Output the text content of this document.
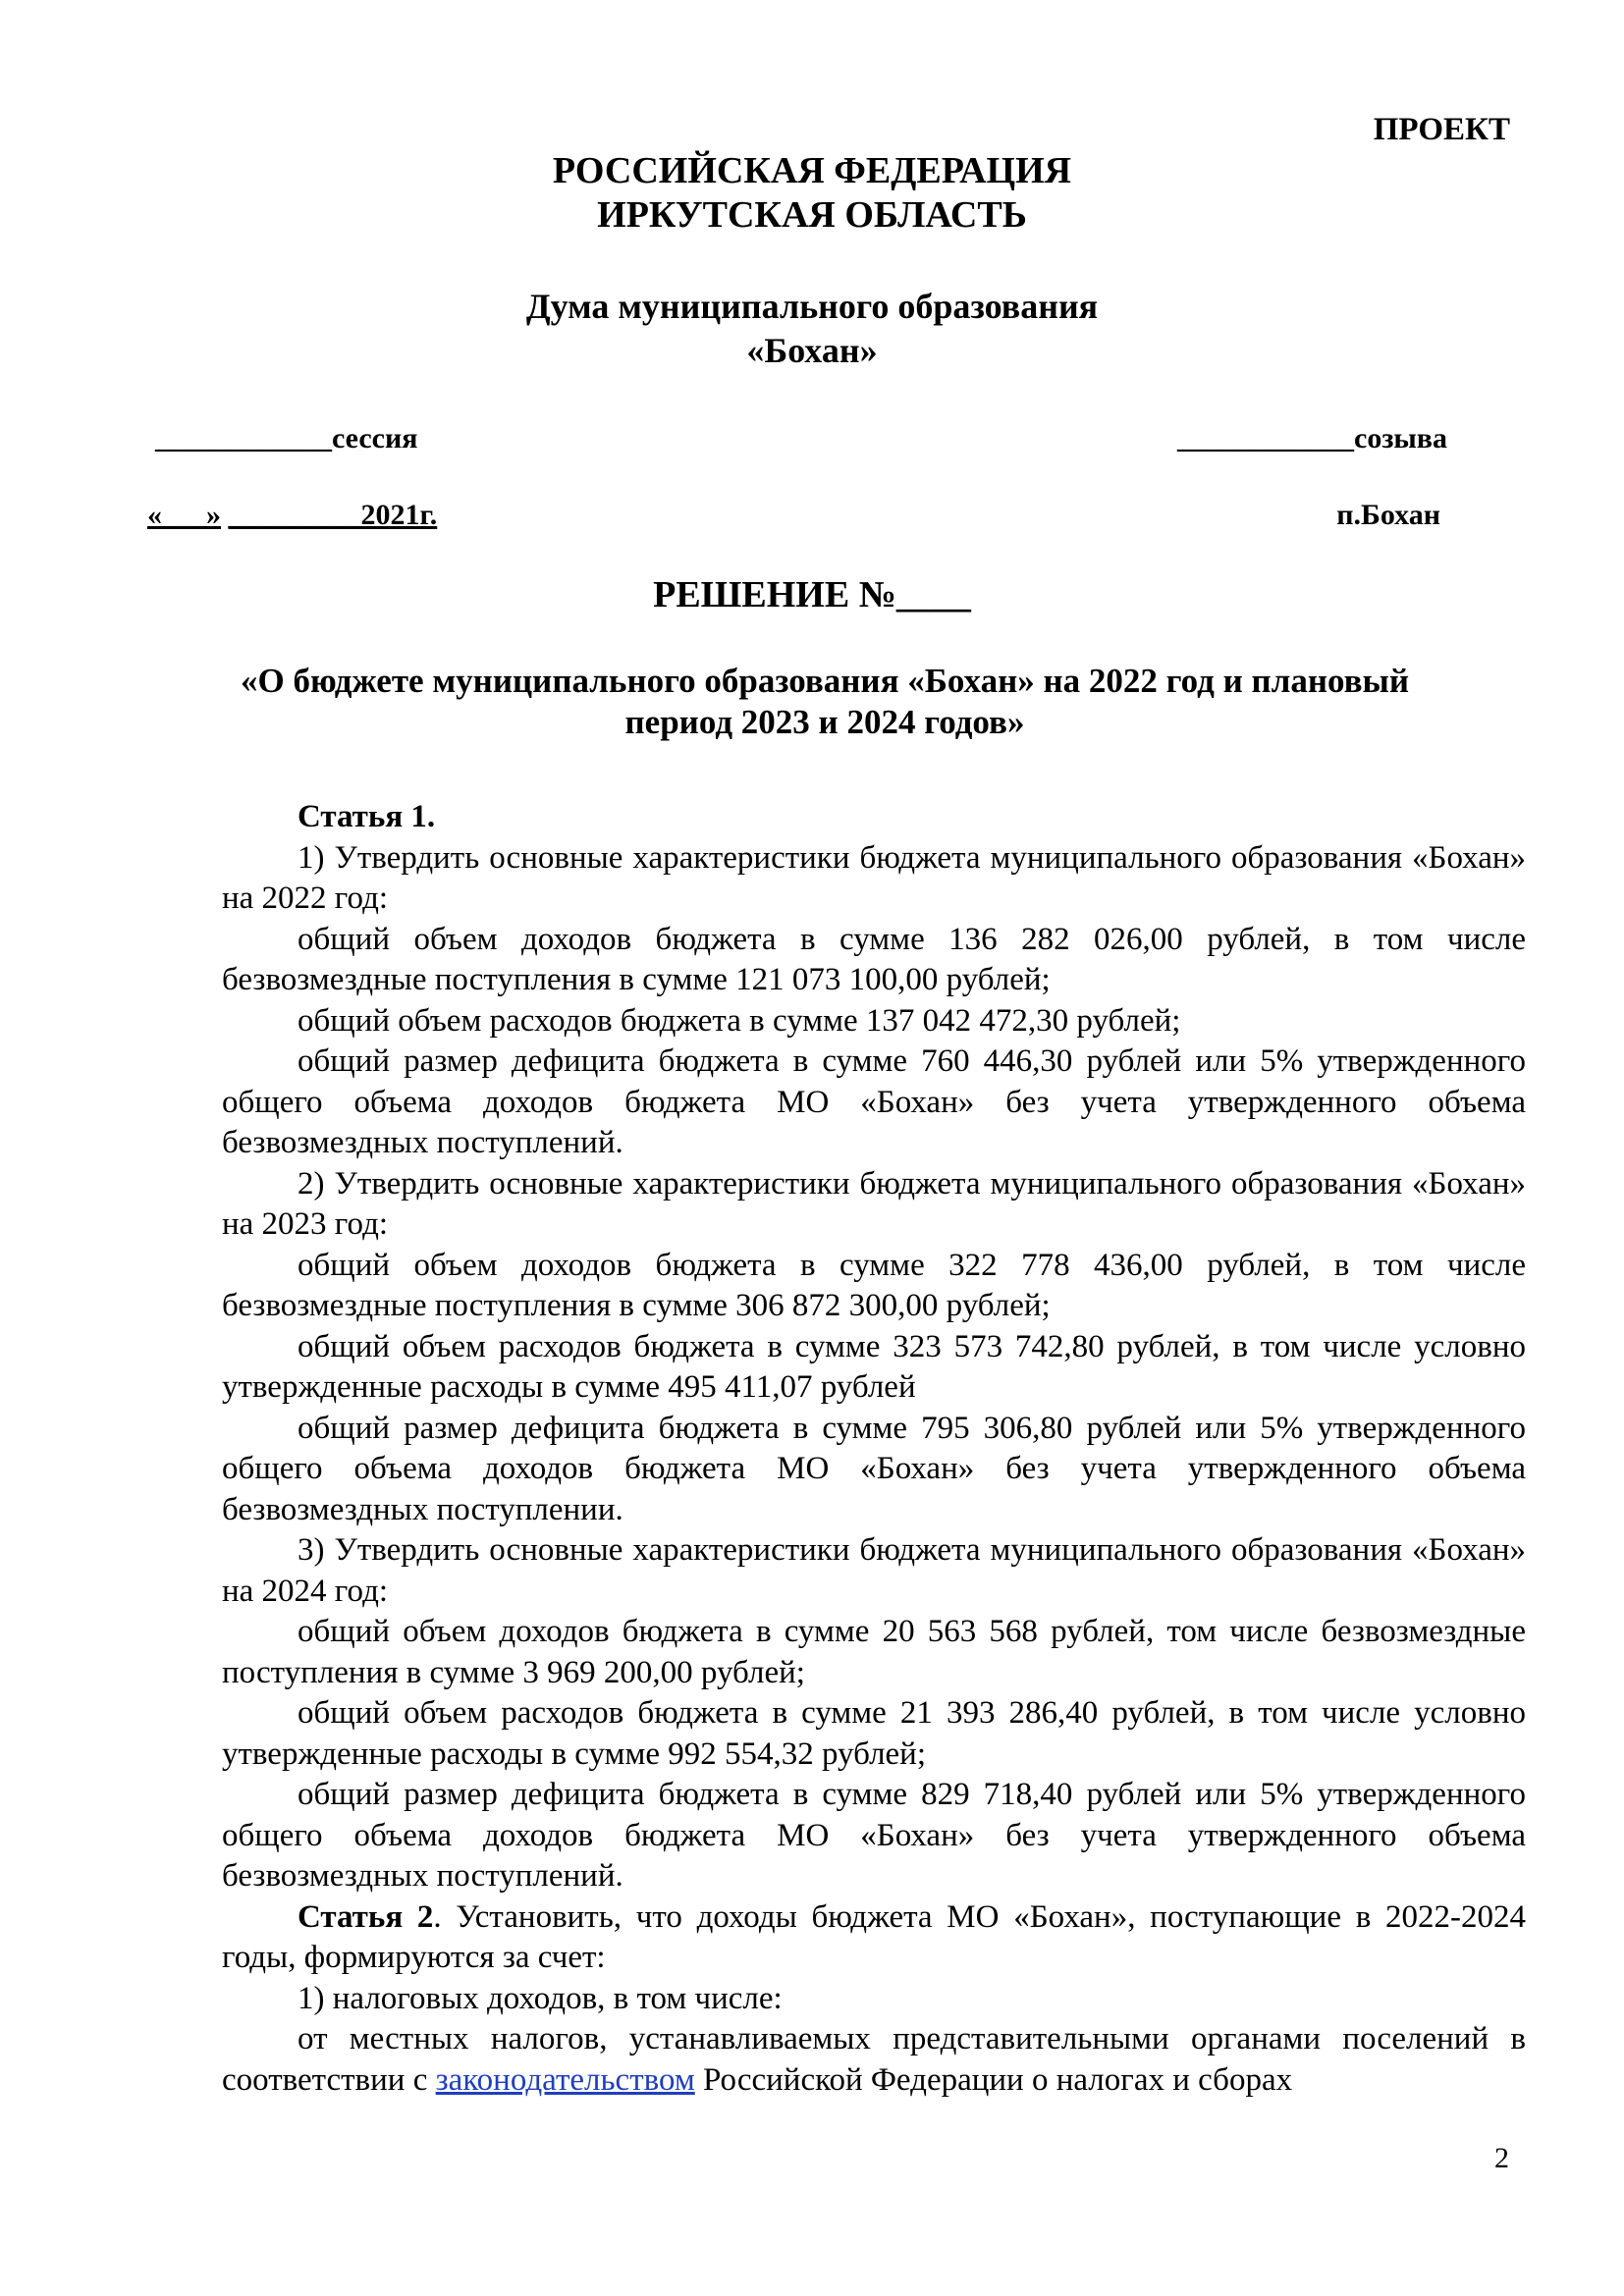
ПРОЕКТ
РОССИЙСКАЯ ФЕДЕРАЦИЯ
ИРКУТСКАЯ ОБЛАСТЬ
Дума муниципального образования
«Бохан»
____________сессия	____________созыва
«___» _________2021г.	п.Бохан
РЕШЕНИЕ №____
«О бюджете муниципального образования «Бохан» на 2022 год и плановый
период 2023 и 2024 годов»

Статья 1.

1) Утвердить основные характеристики бюджета муниципального образования «Бохан» на 2022 год:

общий объем доходов бюджета в сумме 136 282 026,00 рублей, в том числе безвозмездные поступления в сумме 121 073 100,00 рублей;

общий объем расходов бюджета в сумме 137 042 472,30 рублей;

общий размер дефицита бюджета в сумме 760 446,30 рублей или 5% утвержденного общего объема доходов бюджета МО «Бохан» без учета утвержденного объема безвозмездных поступлений.

2) Утвердить основные характеристики бюджета муниципального образования «Бохан» на 2023 год:

общий объем доходов бюджета в сумме 322 778 436,00 рублей, в том числе безвозмездные поступления в сумме 306 872 300,00 рублей;

общий объем расходов бюджета в сумме 323 573 742,80 рублей, в том числе условно утвержденные расходы в сумме 495 411,07 рублей

общий размер дефицита бюджета в сумме 795 306,80 рублей или 5% утвержденного общего объема доходов бюджета МО «Бохан» без учета утвержденного объема безвозмездных поступлении.

3) Утвердить основные характеристики бюджета муниципального образования «Бохан» на 2024 год:

общий объем доходов бюджета в сумме 20 563 568 рублей, том числе безвозмездные поступления в сумме 3 969 200,00 рублей;

общий объем расходов бюджета в сумме 21 393 286,40 рублей, в том числе условно утвержденные расходы в сумме 992 554,32 рублей;

общий размер дефицита бюджета в сумме 829 718,40 рублей или 5% утвержденного общего объема доходов бюджета МО «Бохан» без учета утвержденного объема безвозмездных поступлений.

Статья 2. Установить, что доходы бюджета МО «Бохан», поступающие в 2022-2024 годы, формируются за счет:

1) налоговых доходов, в том числе:

от местных налогов, устанавливаемых представительными органами поселений в соответствии с законодательством Российской Федерации о налогах и сборах

2
